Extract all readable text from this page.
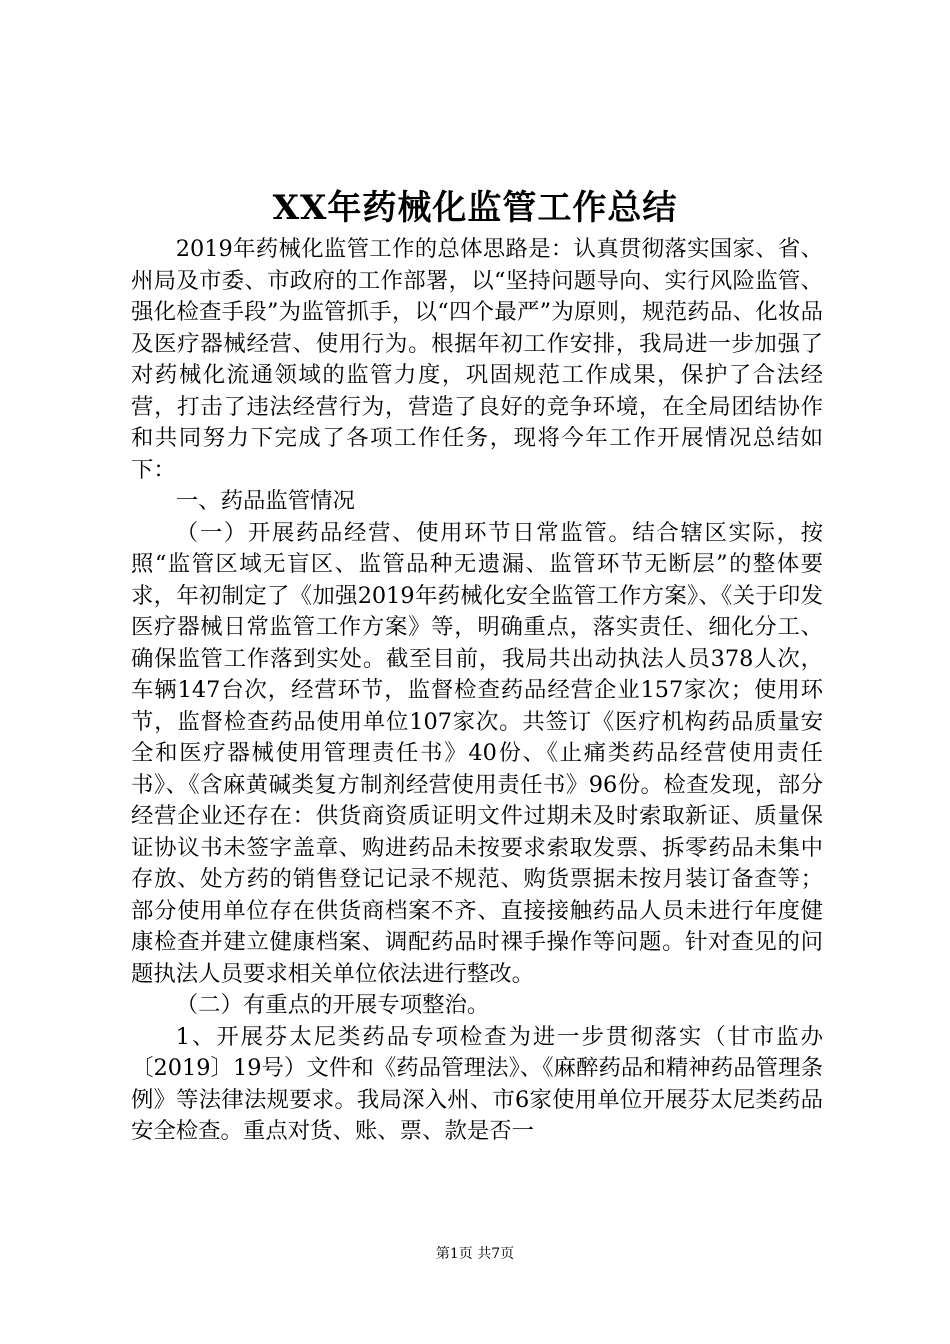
XX年药械化监管工作总结

2019年药械化监管工作的总体思路是：认真贯彻落实国家、省、州局及市委、市政府的工作部署，以“坚持问题导向、实行风险监管、强化检查手段”为监管抓手，以“四个最严”为原则，规范药品、化妆品及医疗器械经营、使用行为。根据年初工作安排，我局进一步加强了对药械化流通领域的监管力度，巩固规范工作成果，保护了合法经营，打击了违法经营行为，营造了良好的竞争环境，在全局团结协作和共同努力下完成了各项工作任务，现将今年工作开展情况总结如下：

一、药品监管情况

（一）开展药品经营、使用环节日常监管。结合辖区实际，按照“监管区域无盲区、监管品种无遗漏、监管环节无断层”的整体要求，年初制定了《加强2019年药械化安全监管工作方案》、《关于印发医疗器械日常监管工作方案》等，明确重点，落实责任、细化分工、确保监管工作落到实处。截至目前，我局共出动执法人员378人次，车辆147台次，经营环节，监督检查药品经营企业157家次；使用环节，监督检查药品使用单位107家次。共签订《医疗机构药品质量安全和医疗器械使用管理责任书》40份、《止痛类药品经营使用责任书》、《含麻黄碱类复方制剂经营使用责任书》96份。检查发现，部分经营企业还存在：供货商资质证明文件过期未及时索取新证、质量保证协议书未签字盖章、购进药品未按要求索取发票、拆零药品未集中存放、处方药的销售登记记录不规范、购货票据未按月装订备查等；部分使用单位存在供货商档案不齐、直接接触药品人员未进行年度健康检查并建立健康档案、调配药品时裸手操作等问题。针对查见的问题执法人员要求相关单位依法进行整改。

（二）有重点的开展专项整治。

1、开展芬太尼类药品专项检查为进一步贯彻落实（甘市监办〔2019〕19号）文件和《药品管理法》、《麻醉药品和精神药品管理条例》等法律法规要求。我局深入州、市6家使用单位开展芬太尼类药品安全检查。重点对货、账、票、款是否一

第1页 共7页
